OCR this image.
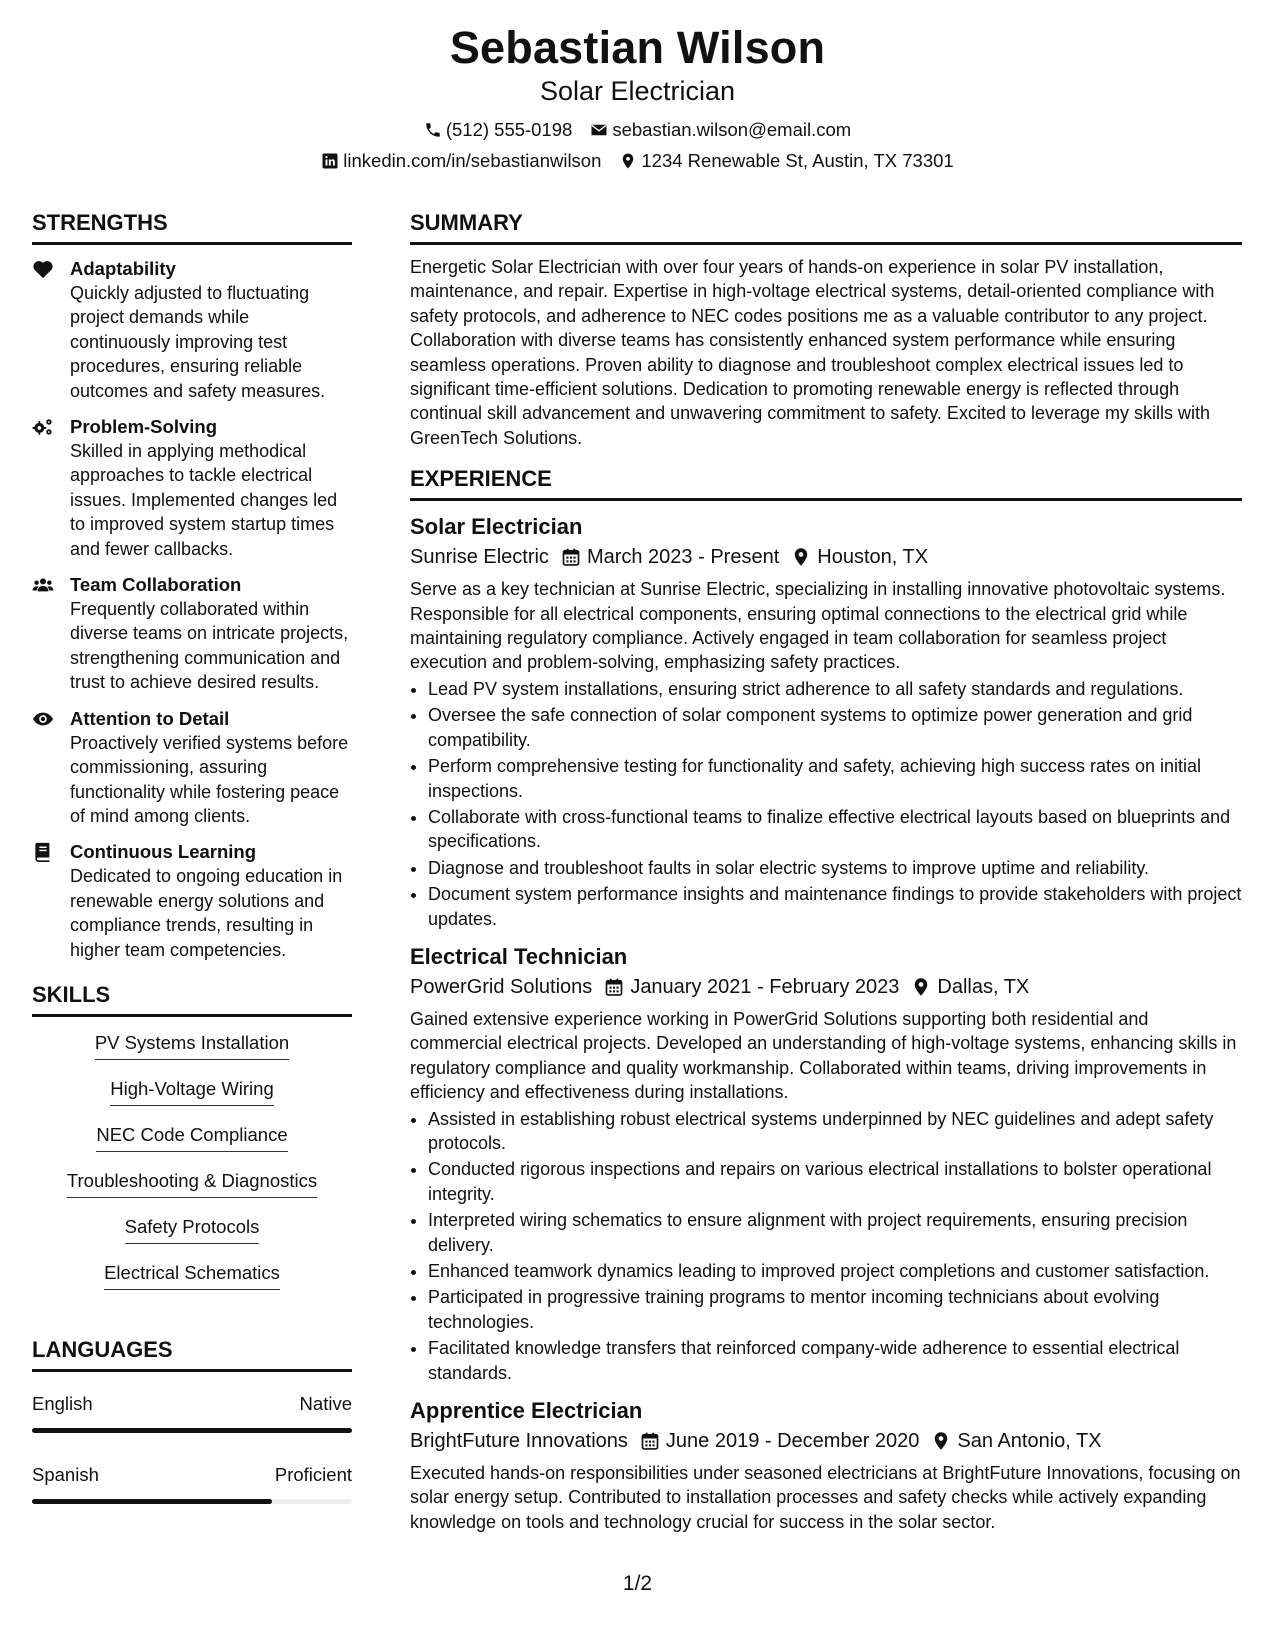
Sebastian Wilson
Solar Electrician
(512) 555-0198 sebastian.wilson@email.com
linkedin.com/in/sebastianwilson 1234 Renewable St, Austin, TX 73301
STRENGTHS
Adaptability
Quickly adjusted to fluctuating project demands while continuously improving test procedures, ensuring reliable outcomes and safety measures.
Problem-Solving
Skilled in applying methodical approaches to tackle electrical issues. Implemented changes led to improved system startup times and fewer callbacks.
Team Collaboration
Frequently collaborated within diverse teams on intricate projects, strengthening communication and trust to achieve desired results.
Attention to Detail
Proactively verified systems before commissioning, assuring functionality while fostering peace of mind among clients.
Continuous Learning
Dedicated to ongoing education in renewable energy solutions and compliance trends, resulting in higher team competencies.
SKILLS
PV Systems Installation
High-Voltage Wiring
NEC Code Compliance
Troubleshooting & Diagnostics
Safety Protocols
Electrical Schematics
LANGUAGES
English	Native
Spanish	Proficient
SUMMARY
Energetic Solar Electrician with over four years of hands-on experience in solar PV installation, maintenance, and repair. Expertise in high-voltage electrical systems, detail-oriented compliance with safety protocols, and adherence to NEC codes positions me as a valuable contributor to any project. Collaboration with diverse teams has consistently enhanced system performance while ensuring seamless operations. Proven ability to diagnose and troubleshoot complex electrical issues led to significant time-efficient solutions. Dedication to promoting renewable energy is reflected through continual skill advancement and unwavering commitment to safety. Excited to leverage my skills with GreenTech Solutions.
EXPERIENCE
Solar Electrician
Sunrise Electric March 2023 - Present Houston, TX
Serve as a key technician at Sunrise Electric, specializing in installing innovative photovoltaic systems. Responsible for all electrical components, ensuring optimal connections to the electrical grid while maintaining regulatory compliance. Actively engaged in team collaboration for seamless project execution and problem-solving, emphasizing safety practices.
• Lead PV system installations, ensuring strict adherence to all safety standards and regulations.
• Oversee the safe connection of solar component systems to optimize power generation and grid compatibility.
• Perform comprehensive testing for functionality and safety, achieving high success rates on initial inspections.
• Collaborate with cross-functional teams to finalize effective electrical layouts based on blueprints and specifications.
• Diagnose and troubleshoot faults in solar electric systems to improve uptime and reliability.
• Document system performance insights and maintenance findings to provide stakeholders with project updates.
Electrical Technician
PowerGrid Solutions January 2021 - February 2023 Dallas, TX
Gained extensive experience working in PowerGrid Solutions supporting both residential and commercial electrical projects. Developed an understanding of high-voltage systems, enhancing skills in regulatory compliance and quality workmanship. Collaborated within teams, driving improvements in efficiency and effectiveness during installations.
• Assisted in establishing robust electrical systems underpinned by NEC guidelines and adept safety protocols.
• Conducted rigorous inspections and repairs on various electrical installations to bolster operational integrity.
• Interpreted wiring schematics to ensure alignment with project requirements, ensuring precision delivery.
• Enhanced teamwork dynamics leading to improved project completions and customer satisfaction.
• Participated in progressive training programs to mentor incoming technicians about evolving technologies.
• Facilitated knowledge transfers that reinforced company-wide adherence to essential electrical standards.
Apprentice Electrician
BrightFuture Innovations June 2019 - December 2020 San Antonio, TX
Executed hands-on responsibilities under seasoned electricians at BrightFuture Innovations, focusing on solar energy setup. Contributed to installation processes and safety checks while actively expanding knowledge on tools and technology crucial for success in the solar sector.
1/2
